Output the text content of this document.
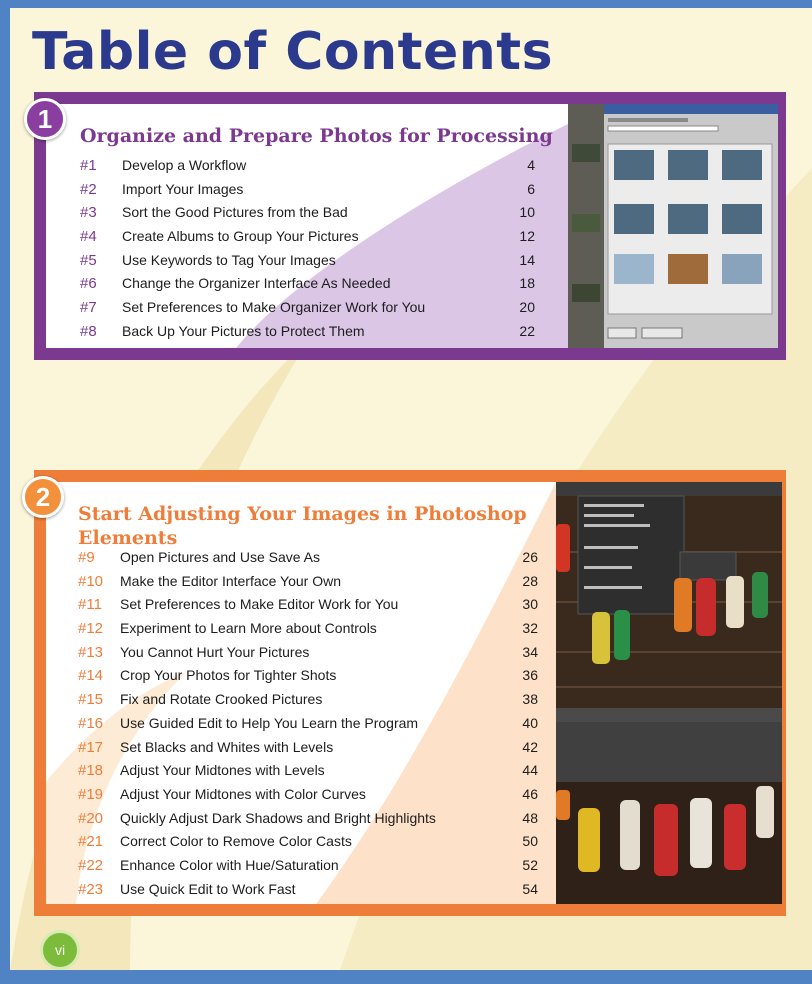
Table of Contents
Organize and Prepare Photos for Processing
#1 Develop a Workflow	4
#2 Import Your Images	6
#3 Sort the Good Pictures from the Bad	10
#4 Create Albums to Group Your Pictures	12
#5 Use Keywords to Tag Your Images	14
#6 Change the Organizer Interface As Needed	18
#7 Set Preferences to Make Organizer Work for You	20
#8 Back Up Your Pictures to Protect Them	22
1
Start Adjusting Your Images in Photoshop Elements
#9 Open Pictures and Use Save As	26
#10 Make the Editor Interface Your Own	28
#11 Set Preferences to Make Editor Work for You	30
#12 Experiment to Learn More about Controls	32
#13 You Cannot Hurt Your Pictures	34
#14 Crop Your Photos for Tighter Shots	36
#15 Fix and Rotate Crooked Pictures	38
#16 Use Guided Edit to Help You Learn the Program	40
#17 Set Blacks and Whites with Levels	42
#18 Adjust Your Midtones with Levels	44
#19 Adjust Your Midtones with Color Curves	46
#20 Quickly Adjust Dark Shadows and Bright Highlights	48
#21 Correct Color to Remove Color Casts	50
#22 Enhance Color with Hue/Saturation	52
#23 Use Quick Edit to Work Fast	54
2
vi
